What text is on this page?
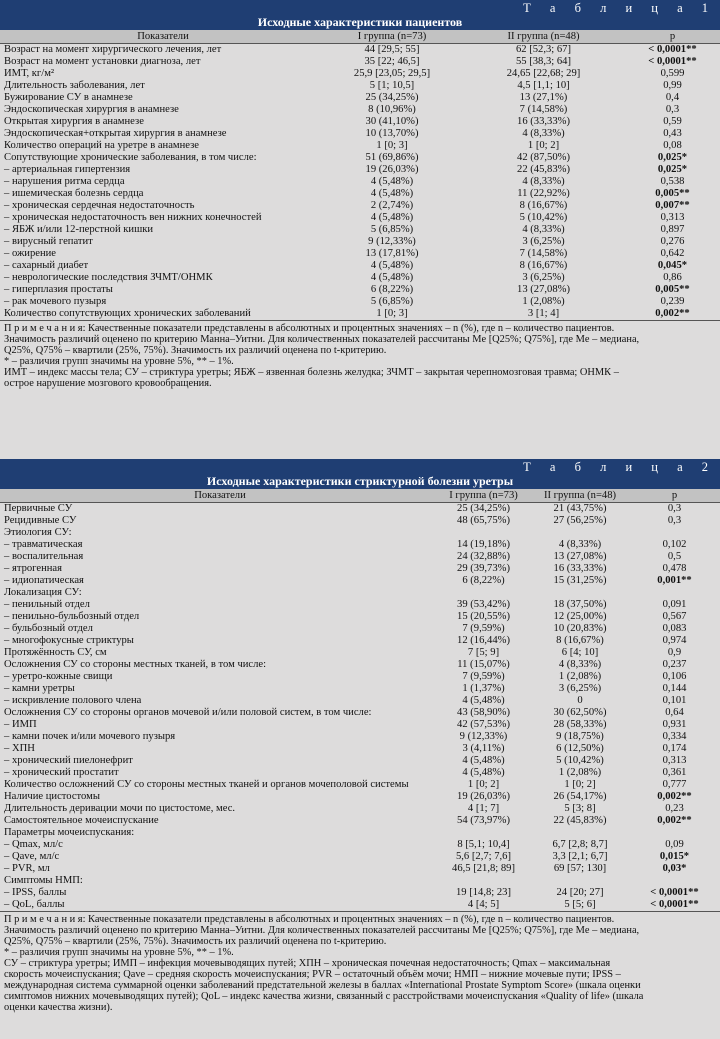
Т а б л и ц а 1
Исходные характеристики пациентов
Показатели	I группа (n=73)	II группа (n=48)	p
Возраст на момент хирургического лечения, лет	44 [29,5; 55]	62 [52,3; 67]	< 0,0001**
Возраст на момент установки диагноза, лет	35 [22; 46,5]	55 [38,3; 64]	< 0,0001**
ИМТ, кг/м²	25,9 [23,05; 29,5]	24,65 [22,68; 29]	0,599
Длительность заболевания, лет	5 [1; 10,5]	4,5 [1,1; 10]	0,99
Бужирование СУ в анамнезе	25 (34,25%)	13 (27,1%)	0,4
Эндоскопическая хирургия в анамнезе	8 (10,96%)	7 (14,58%)	0,3
Открытая хирургия в анамнезе	30 (41,10%)	16 (33,33%)	0,59
Эндоскопическая+открытая хирургия в анамнезе	10 (13,70%)	4 (8,33%)	0,43
Количество операций на уретре в анамнезе	1 [0; 3]	1 [0; 2]	0,08
Сопутствующие хронические заболевания, в том числе:	51 (69,86%)	42 (87,50%)	0,025*
– артериальная гипертензия	19 (26,03%)	22 (45,83%)	0,025*
– нарушения ритма сердца	4 (5,48%)	4 (8,33%)	0,538
– ишемическая болезнь сердца	4 (5,48%)	11 (22,92%)	0,005**
– хроническая сердечная недостаточность	2 (2,74%)	8 (16,67%)	0,007**
– хроническая недостаточность вен нижних конечностей	4 (5,48%)	5 (10,42%)	0,313
– ЯБЖ и/или 12-перстной кишки	5 (6,85%)	4 (8,33%)	0,897
– вирусный гепатит	9 (12,33%)	3 (6,25%)	0,276
– ожирение	13 (17,81%)	7 (14,58%)	0,642
– сахарный диабет	4 (5,48%)	8 (16,67%)	0,045*
– неврологические последствия ЗЧМТ/ОНМК	4 (5,48%)	3 (6,25%)	0,86
– гиперплазия простаты	6 (8,22%)	13 (27,08%)	0,005**
– рак мочевого пузыря	5 (6,85%)	1 (2,08%)	0,239
Количество сопутствующих хронических заболеваний	1 [0; 3]	3 [1; 4]	0,002**
П р и м е ч а н и я: Качественные показатели представлены в абсолютных и процентных значениях – n (%), где n – количество пациентов.
Значимость различий оценено по критерию Манна–Уитни. Для количественных показателей рассчитаны Me [Q25%; Q75%], где Me – медиана,
Q25%, Q75% – квартили (25%, 75%). Значимость их различий оценена по t-критерию.
* – различия групп значимы на уровне 5%, ** – 1%.
ИМТ – индекс массы тела; СУ – стриктура уретры; ЯБЖ – язвенная болезнь желудка; ЗЧМТ – закрытая черепномозговая травма; ОНМК –
острое нарушение мозгового кровообращения.
Т а б л и ц а 2
Исходные характеристики стриктурной болезни уретры
Показатели	I группа (n=73)	II группа (n=48)	p
Первичные СУ	25 (34,25%)	21 (43,75%)	0,3
Рецидивные СУ	48 (65,75%)	27 (56,25%)	0,3
Этиология СУ:
– травматическая	14 (19,18%)	4 (8,33%)	0,102
– воспалительная	24 (32,88%)	13 (27,08%)	0,5
– ятрогенная	29 (39,73%)	16 (33,33%)	0,478
– идиопатическая	6 (8,22%)	15 (31,25%)	0,001**
Локализация СУ:
– пенильный отдел	39 (53,42%)	18 (37,50%)	0,091
– пенильно-бульбозный отдел	15 (20,55%)	12 (25,00%)	0,567
– бульбозный отдел	7 (9,59%)	10 (20,83%)	0,083
– многофокусные стриктуры	12 (16,44%)	8 (16,67%)	0,974
Протяжённость СУ, см	7 [5; 9]	6 [4; 10]	0,9
Осложнения СУ со стороны местных тканей, в том числе:	11 (15,07%)	4 (8,33%)	0,237
– уретро-кожные свищи	7 (9,59%)	1 (2,08%)	0,106
– камни уретры	1 (1,37%)	3 (6,25%)	0,144
– искривление полового члена	4 (5,48%)	0	0,101
Осложнения СУ со стороны органов мочевой и/или половой систем, в том числе:	43 (58,90%)	30 (62,50%)	0,64
– ИМП	42 (57,53%)	28 (58,33%)	0,931
– камни почек и/или мочевого пузыря	9 (12,33%)	9 (18,75%)	0,334
– ХПН	3 (4,11%)	6 (12,50%)	0,174
– хронический пиелонефрит	4 (5,48%)	5 (10,42%)	0,313
– хронический простатит	4 (5,48%)	1 (2,08%)	0,361
Количество осложнений СУ со стороны местных тканей и органов мочеполовой системы	1 [0; 2]	1 [0; 2]	0,777
Наличие цистостомы	19 (26,03%)	26 (54,17%)	0,002**
Длительность деривации мочи по цистостоме, мес.	4 [1; 7]	5 [3; 8]	0,23
Самостоятельное мочеиспускание	54 (73,97%)	22 (45,83%)	0,002**
Параметры мочеиспускания:
– Qmax, мл/с	8 [5,1; 10,4]	6,7 [2,8; 8,7]	0,09
– Qave, мл/с	5,6 [2,7; 7,6]	3,3 [2,1; 6,7]	0,015*
– PVR, мл	46,5 [21,8; 89]	69 [57; 130]	0,03*
Симптомы НМП:
– IPSS, баллы	19 [14,8; 23]	24 [20; 27]	< 0,0001**
– QoL, баллы	4 [4; 5]	5 [5; 6]	< 0,0001**
П р и м е ч а н и я: Качественные показатели представлены в абсолютных и процентных значениях – n (%), где n – количество пациентов.
Значимость различий оценено по критерию Манна–Уитни. Для количественных показателей рассчитаны Me [Q25%; Q75%], где Me – медиана,
Q25%, Q75% – квартили (25%, 75%). Значимость их различий оценена по t-критерию.
* – различия групп значимы на уровне 5%, ** – 1%.
СУ – стриктура уретры; ИМП – инфекция мочевыводящих путей; ХПН – хроническая почечная недостаточность; Qmax – максимальная
скорость мочеиспускания; Qave – средняя скорость мочеиспускания; PVR – остаточный объём мочи; НМП – нижние мочевые пути; IPSS –
международная система суммарной оценки заболеваний предстательной железы в баллах «International Prostate Symptom Score» (шкала оценки
симптомов нижних мочевыводящих путей); QoL – индекс качества жизни, связанный с расстройствами мочеиспускания «Quality of life» (шкала
оценки качества жизни).
